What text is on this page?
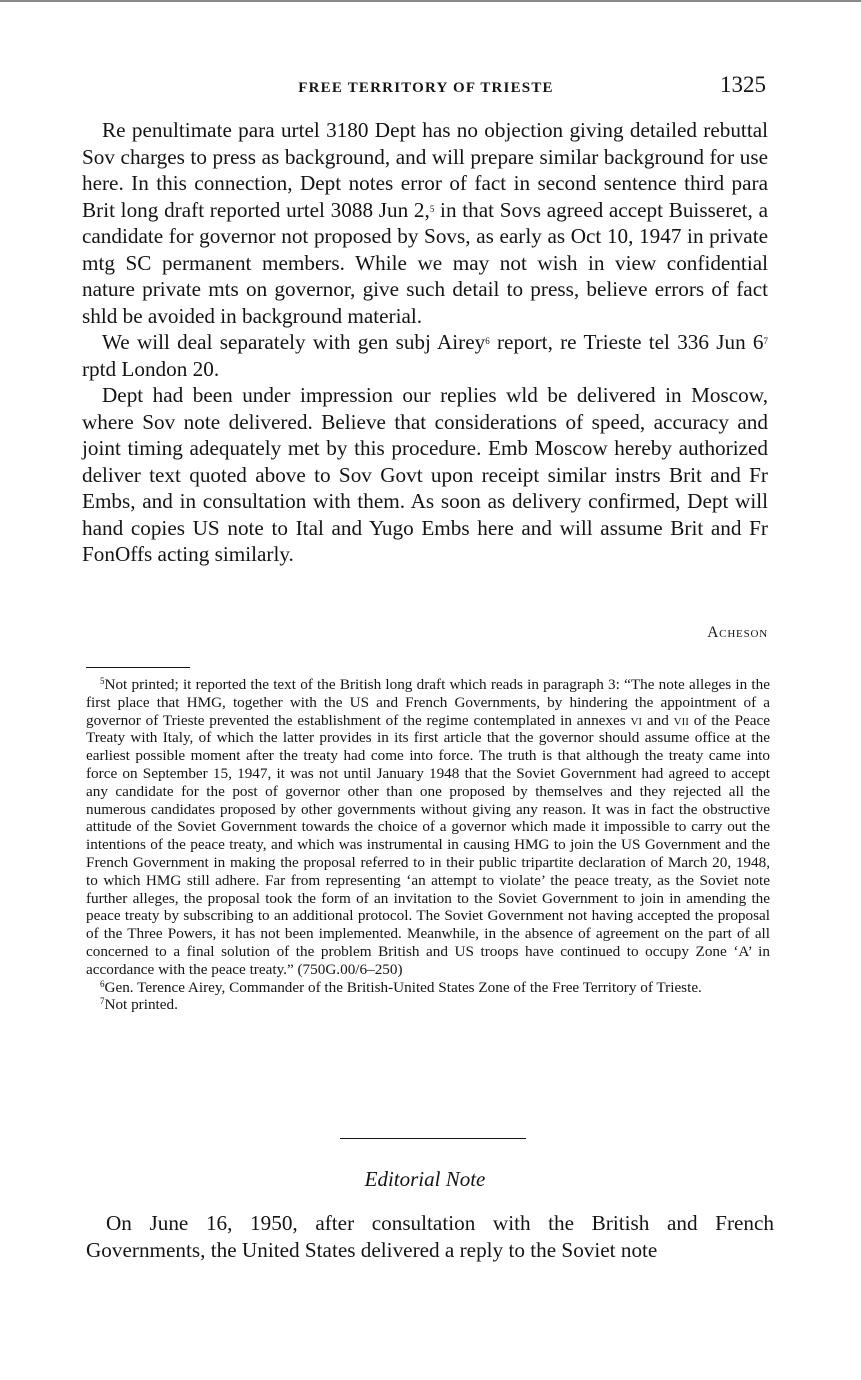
FREE TERRITORY OF TRIESTE	1325

Re penultimate para urtel 3180 Dept has no objection giving detailed rebuttal Sov charges to press as background, and will prepare similar background for use here. In this connection, Dept notes error of fact in second sentence third para Brit long draft reported urtel 3088 Jun 2,$^5$ in that Sovs agreed accept Buisseret, a candidate for governor not proposed by Sovs, as early as Oct 10, 1947 in private mtg SC permanent members. While we may not wish in view confidential nature private mts on governor, give such detail to press, believe errors of fact shld be avoided in background material.

We will deal separately with gen subj Airey$^6$ report, re Trieste tel 336 Jun 6$^7$ rptd London 20.

Dept had been under impression our replies wld be delivered in Moscow, where Sov note delivered. Believe that considerations of speed, accuracy and joint timing adequately met by this procedure. Emb Moscow hereby authorized deliver text quoted above to Sov Govt upon receipt similar instrs Brit and Fr Embs, and in consultation with them. As soon as delivery confirmed, Dept will hand copies US note to Ital and Yugo Embs here and will assume Brit and Fr FonOffs acting similarly.

Acheson

$^5$Not printed; it reported the text of the British long draft which reads in paragraph 3: “The note alleges in the first place that HMG, together with the US and French Governments, by hindering the appointment of a governor of Trieste prevented the establishment of the regime contemplated in annexes vi and vii of the Peace Treaty with Italy, of which the latter provides in its first article that the governor should assume office at the earliest possible moment after the treaty had come into force. The truth is that although the treaty came into force on September 15, 1947, it was not until January 1948 that the Soviet Government had agreed to accept any candidate for the post of governor other than one proposed by themselves and they rejected all the numerous candidates proposed by other governments without giving any reason. It was in fact the obstructive attitude of the Soviet Government towards the choice of a governor which made it impossible to carry out the intentions of the peace treaty, and which was instrumental in causing HMG to join the US Government and the French Government in making the proposal referred to in their public tripartite declaration of March 20, 1948, to which HMG still adhere. Far from representing ‘an attempt to violate’ the peace treaty, as the Soviet note further alleges, the proposal took the form of an invitation to the Soviet Government to join in amending the peace treaty by subscribing to an additional protocol. The Soviet Government not having accepted the proposal of the Three Powers, it has not been implemented. Meanwhile, in the absence of agreement on the part of all concerned to a final solution of the problem British and US troops have continued to occupy Zone ‘A’ in accordance with the peace treaty.” (750G.00/6–250)

$^6$Gen. Terence Airey, Commander of the British-United States Zone of the Free Territory of Trieste.

$^7$Not printed.

Editorial Note

On June 16, 1950, after consultation with the British and French Governments, the United States delivered a reply to the Soviet note
